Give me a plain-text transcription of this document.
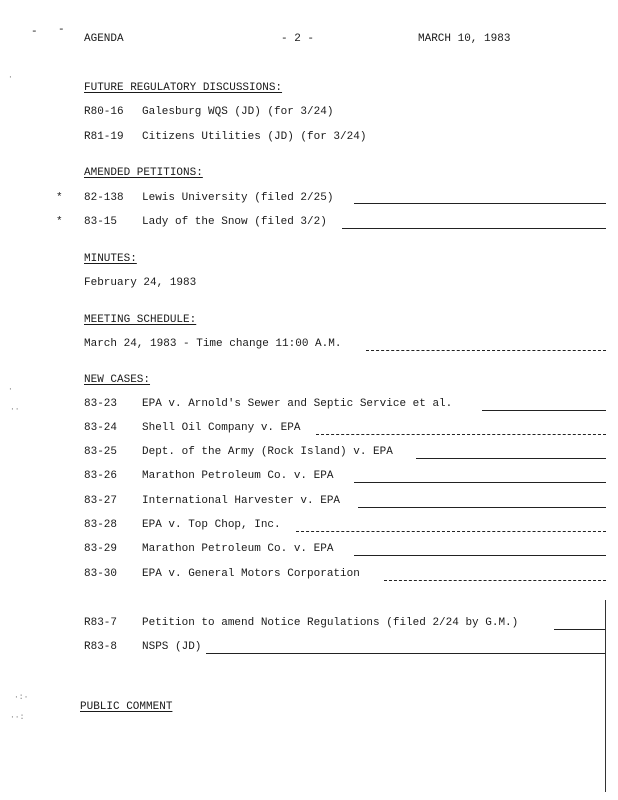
- -
AGENDA	- 2 -	MARCH 10, 1983
FUTURE REGULATORY DISCUSSIONS:
R80-16 Galesburg WQS (JD) (for 3/24)
R81-19 Citizens Utilities (JD) (for 3/24)
AMENDED PETITIONS:
* 82-138 Lewis University (filed 2/25)
* 83-15 Lady of the Snow (filed 3/2)
MINUTES:
February 24, 1983
MEETING SCHEDULE:
March 24, 1983 - Time change 11:00 A.M.
NEW CASES:
83-23 EPA v. Arnold's Sewer and Septic Service et al.
83-24 Shell Oil Company v. EPA
83-25 Dept. of the Army (Rock Island) v. EPA
83-26 Marathon Petroleum Co. v. EPA
83-27 International Harvester v. EPA
83-28 EPA v. Top Chop, Inc.
83-29 Marathon Petroleum Co. v. EPA
83-30 EPA v. General Motors Corporation
R83-7 Petition to amend Notice Regulations (filed 2/24 by G.M.)
R83-8 NSPS (JD)
PUBLIC COMMENT
·
·
··
·:·
··:
